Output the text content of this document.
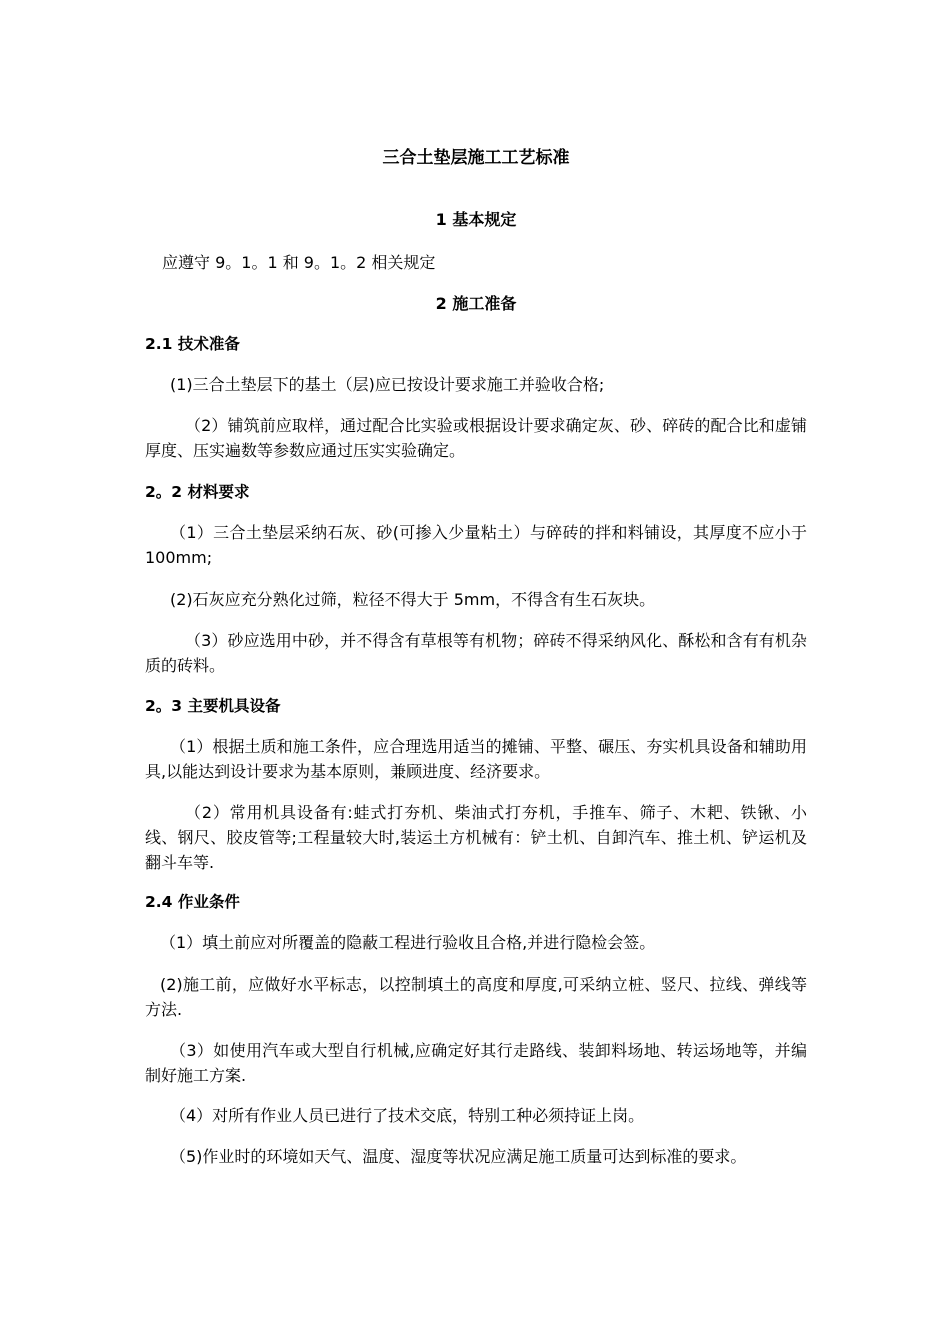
三合土垫层施工工艺标准
1 基本规定

应遵守 9。1。1 和 9。1。2 相关规定

2 施工准备
2.1 技术准备

(1)三合土垫层下的基土（层)应已按设计要求施工并验收合格;

（2）铺筑前应取样，通过配合比实验或根据设计要求确定灰、砂、碎砖的配合比和虚铺厚度、压实遍数等参数应通过压实实验确定。

2。2 材料要求

（1）三合土垫层采纳石灰、砂(可掺入少量粘土）与碎砖的拌和料铺设，其厚度不应小于 100mm;

(2)石灰应充分熟化过筛，粒径不得大于 5mm，不得含有生石灰块。

（3）砂应选用中砂，并不得含有草根等有机物；碎砖不得采纳风化、酥松和含有有机杂质的砖料。

2。3 主要机具设备

（1）根据土质和施工条件，应合理选用适当的摊铺、平整、碾压、夯实机具设备和辅助用具,以能达到设计要求为基本原则，兼顾进度、经济要求。

（2）常用机具设备有:蛙式打夯机、柴油式打夯机，手推车、筛子、木耙、铁锹、小线、钢尺、胶皮管等;工程量较大时,装运土方机械有：铲土机、自卸汽车、推土机、铲运机及翻斗车等.

2.4 作业条件

（1）填土前应对所覆盖的隐蔽工程进行验收且合格,并进行隐检会签。

(2)施工前，应做好水平标志，以控制填土的高度和厚度,可采纳立桩、竖尺、拉线、弹线等方法.

（3）如使用汽车或大型自行机械,应确定好其行走路线、装卸料场地、转运场地等，并编制好施工方案.

（4）对所有作业人员已进行了技术交底，特别工种必须持证上岗。

（5)作业时的环境如天气、温度、湿度等状况应满足施工质量可达到标准的要求。
